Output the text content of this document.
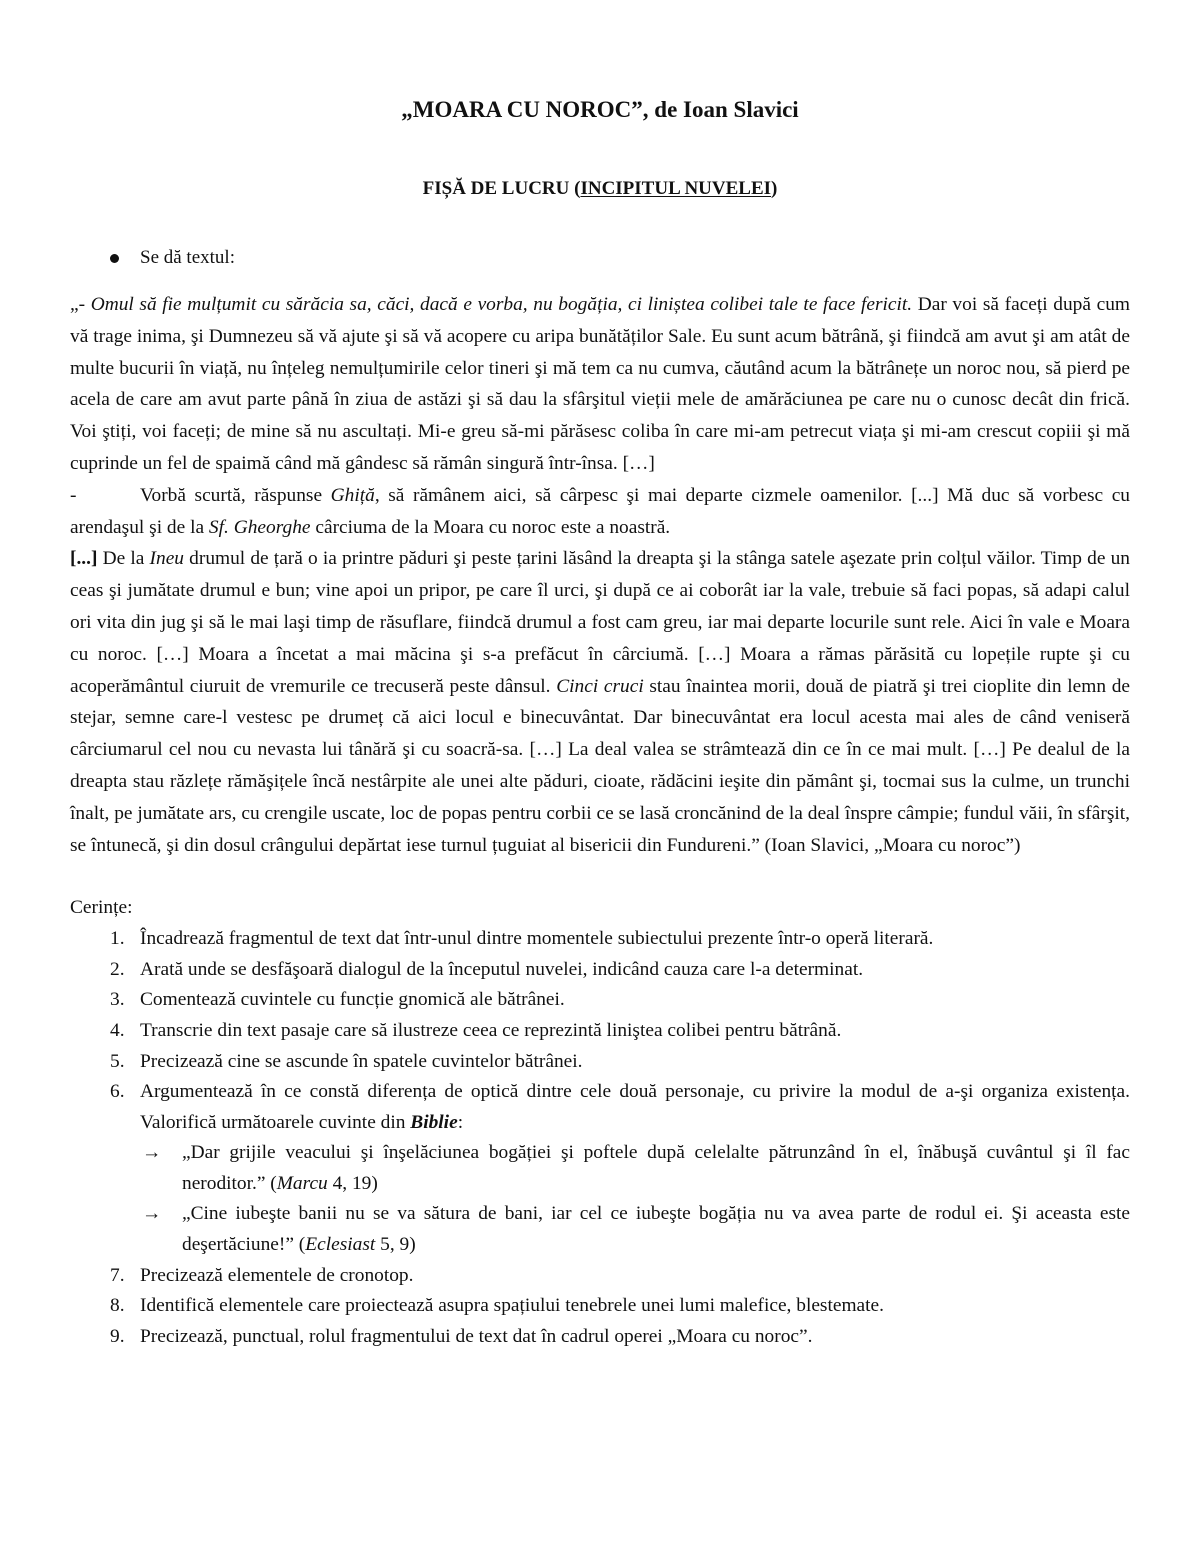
„MOARA CU NOROC”, de Ioan Slavici
FIȘĂ DE LUCRU (INCIPITUL NUVELEI)
Se dă textul:

„- Omul să fie mulțumit cu sărăcia sa, căci, dacă e vorba, nu bogăția, ci liniștea colibei tale te face fericit. Dar voi să faceți după cum vă trage inima, şi Dumnezeu să vă ajute şi să vă acopere cu aripa bunătăților Sale. Eu sunt acum bătrână, şi fiindcă am avut şi am atât de multe bucurii în viață, nu înțeleg nemulțumirile celor tineri şi mă tem ca nu cumva, căutând acum la bătrânețe un noroc nou, să pierd pe acela de care am avut parte până în ziua de astăzi şi să dau la sfârşitul vieții mele de amărăciunea pe care nu o cunosc decât din frică. Voi ştiți, voi faceți; de mine să nu ascultați. Mi-e greu să-mi părăsesc coliba în care mi-am petrecut viața şi mi-am crescut copiii şi mă cuprinde un fel de spaimă când mă gândesc să rămân singură într-însa. […]

-	Vorbă scurtă, răspunse Ghiță, să rămânem aici, să cârpesc şi mai departe cizmele oamenilor. [...] Mă duc să vorbesc cu arendaşul şi de la Sf. Gheorghe cârciuma de la Moara cu noroc este a noastră.

[...] De la Ineu drumul de țară o ia printre păduri şi peste țarini lăsând la dreapta şi la stânga satele aşezate prin colțul văilor. Timp de un ceas şi jumătate drumul e bun; vine apoi un pripor, pe care îl urci, şi după ce ai coborât iar la vale, trebuie să faci popas, să adapi calul ori vita din jug şi să le mai laşi timp de răsuflare, fiindcă drumul a fost cam greu, iar mai departe locurile sunt rele. Aici în vale e Moara cu noroc. […] Moara a încetat a mai măcina şi s-a prefăcut în cârciumă. […] Moara a rămas părăsită cu lopețile rupte şi cu acoperământul ciuruit de vremurile ce trecuseră peste dânsul. Cinci cruci stau înaintea morii, două de piatră şi trei cioplite din lemn de stejar, semne care-l vestesc pe drumeț că aici locul e binecuvântat. Dar binecuvântat era locul acesta mai ales de când veniseră cârciumarul cel nou cu nevasta lui tânără şi cu soacră-sa. […] La deal valea se strâmtează din ce în ce mai mult. […] Pe dealul de la dreapta stau răzlețe rămăşițele încă nestârpite ale unei alte păduri, cioate, rădăcini ieşite din pământ şi, tocmai sus la culme, un trunchi înalt, pe jumătate ars, cu crengile uscate, loc de popas pentru corbii ce se lasă croncănind de la deal înspre câmpie; fundul văii, în sfârşit, se întunecă, şi din dosul crângului depărtat iese turnul țuguiat al bisericii din Fundureni.” (Ioan Slavici, „Moara cu noroc”)

Cerințe:
1. Încadrează fragmentul de text dat într-unul dintre momentele subiectului prezente într-o operă literară.
2. Arată unde se desfăşoară dialogul de la începutul nuvelei, indicând cauza care l-a determinat.
3. Comentează cuvintele cu funcție gnomică ale bătrânei.
4. Transcrie din text pasaje care să ilustreze ceea ce reprezintă liniştea colibei pentru bătrână.
5. Precizează cine se ascunde în spatele cuvintelor bătrânei.
6. Argumentează în ce constă diferența de optică dintre cele două personaje, cu privire la modul de a-şi organiza existența. Valorifică următoarele cuvinte din Biblie:
→ „Dar grijile veacului şi înşelăciunea bogăției şi poftele după celelalte pătrunzând în el, înăbuşă cuvântul şi îl fac neroditor.” (Marcu 4, 19)
→ „Cine iubeşte banii nu se va sătura de bani, iar cel ce iubeşte bogăția nu va avea parte de rodul ei. Şi aceasta este deşertăciune!” (Eclesiast 5, 9)
7. Precizează elementele de cronotop.
8. Identifică elementele care proiectează asupra spațiului tenebrele unei lumi malefice, blestemate.
9. Precizează, punctual, rolul fragmentului de text dat în cadrul operei „Moara cu noroc”.
